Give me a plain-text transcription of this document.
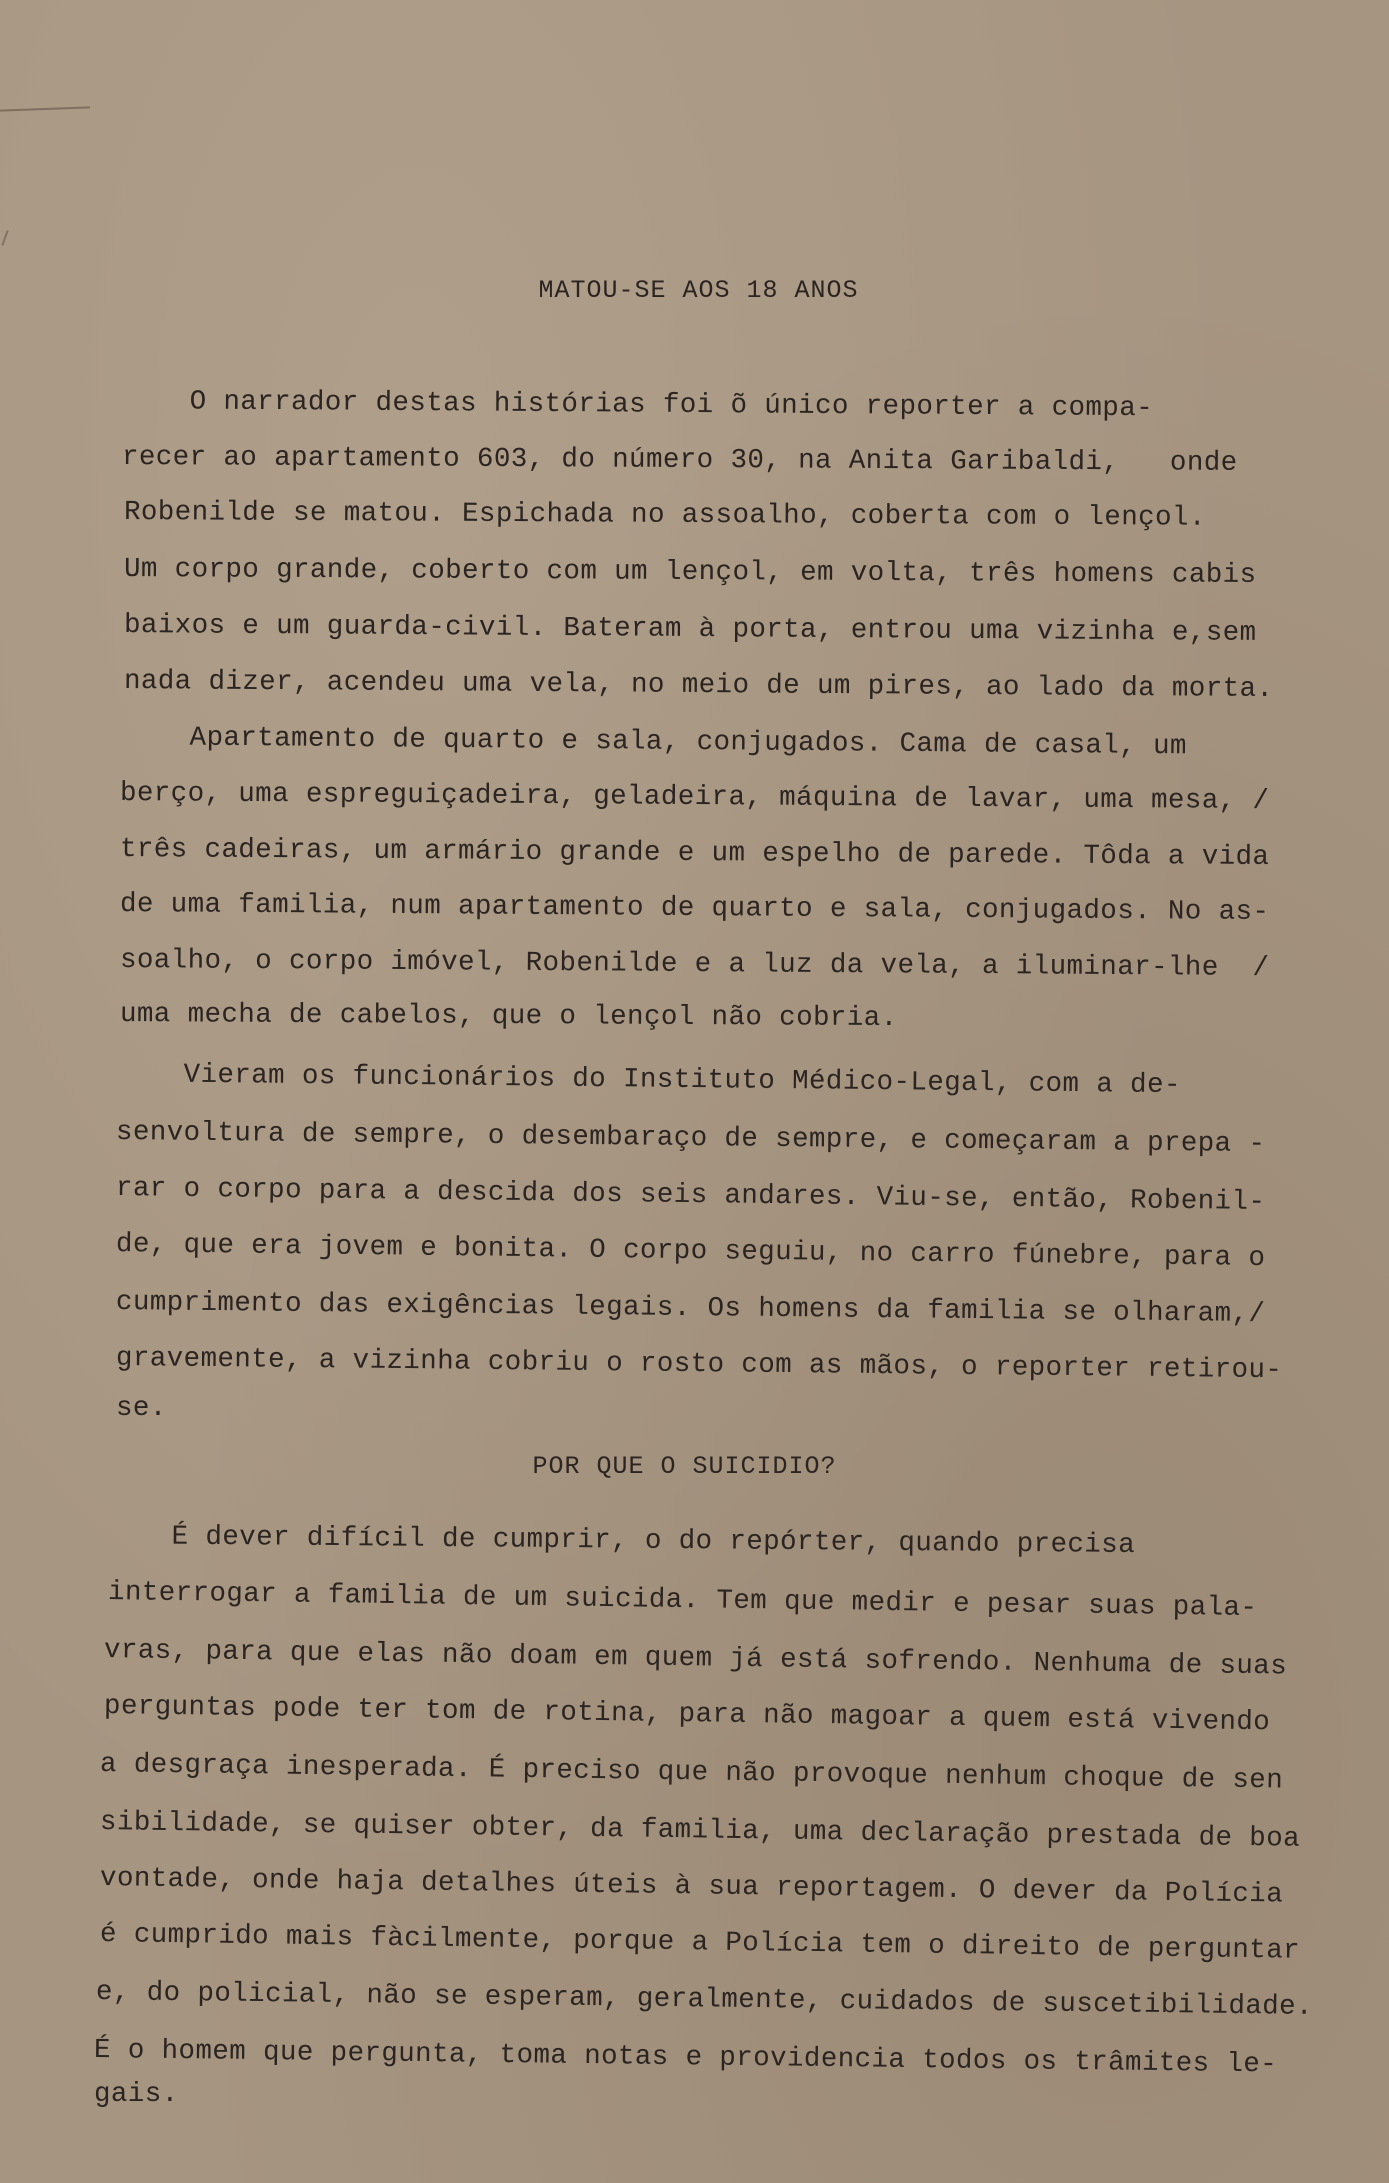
MATOU-SE AOS 18 ANOS
O narrador destas histórias foi õ único reporter a compa-
recer ao apartamento 603, do número 30, na Anita Garibaldi,   onde
Robenilde se matou. Espichada no assoalho, coberta com o lençol.
Um corpo grande, coberto com um lençol, em volta, três homens cabis
baixos e um guarda-civil. Bateram à porta, entrou uma vizinha e,sem
nada dizer, acendeu uma vela, no meio de um pires, ao lado da morta.
Apartamento de quarto e sala, conjugados. Cama de casal, um
berço, uma espreguiçadeira, geladeira, máquina de lavar, uma mesa, /
três cadeiras, um armário grande e um espelho de parede. Tôda a vida
de uma familia, num apartamento de quarto e sala, conjugados. No as-
soalho, o corpo imóvel, Robenilde e a luz da vela, a iluminar-lhe  /
uma mecha de cabelos, que o lençol não cobria.
Vieram os funcionários do Instituto Médico-Legal, com a de-
senvoltura de sempre, o desembaraço de sempre, e começaram a prepa -
rar o corpo para a descida dos seis andares. Viu-se, então, Robenil-
de, que era jovem e bonita. O corpo seguiu, no carro fúnebre, para o
cumprimento das exigências legais. Os homens da familia se olharam,/
gravemente, a vizinha cobriu o rosto com as mãos, o reporter retirou-
se.
POR QUE O SUICIDIO?
É dever difícil de cumprir, o do repórter, quando precisa
interrogar a familia de um suicida. Tem que medir e pesar suas pala-
vras, para que elas não doam em quem já está sofrendo. Nenhuma de suas
perguntas pode ter tom de rotina, para não magoar a quem está vivendo
a desgraça inesperada. É preciso que não provoque nenhum choque de sen
sibilidade, se quiser obter, da familia, uma declaração prestada de boa
vontade, onde haja detalhes úteis à sua reportagem. O dever da Polícia
é cumprido mais fàcilmente, porque a Polícia tem o direito de perguntar
e, do policial, não se esperam, geralmente, cuidados de suscetibilidade.
É o homem que pergunta, toma notas e providencia todos os trâmites le-
gais.
